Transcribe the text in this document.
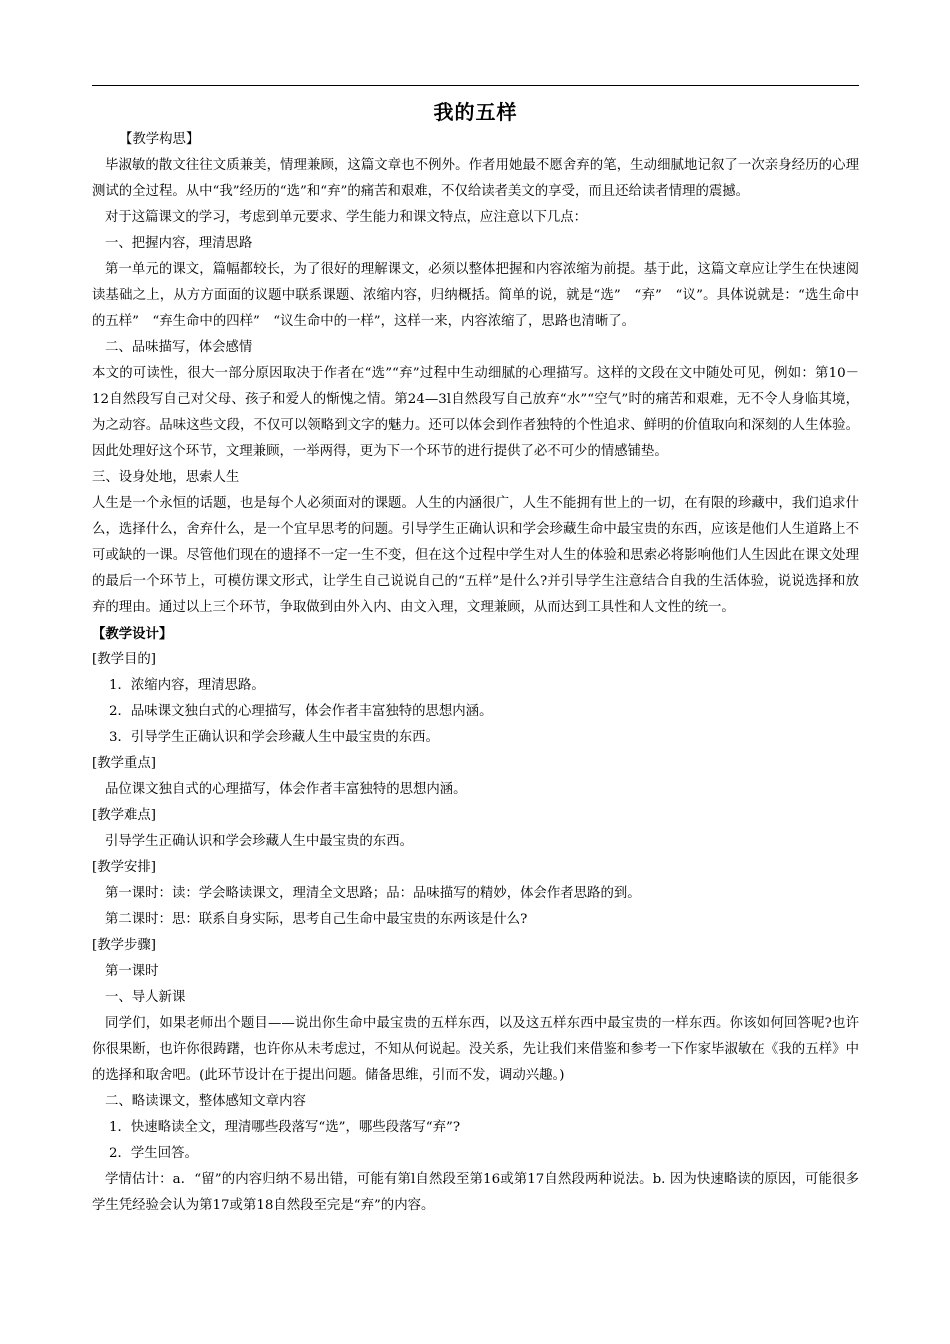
我的五样

【教学构思】

毕淑敏的散文往往文质兼美，情理兼顾，这篇文章也不例外。作者用她最不愿舍弃的笔，生动细腻地记叙了一次亲身经历的心理测试的全过程。从中“我”经历的“选”和“弃”的痛苦和艰难，不仅给读者美文的享受，而且还给读者情理的震撼。

对于这篇课文的学习，考虑到单元要求、学生能力和课文特点，应注意以下几点：

一、把握内容，理清思路

第一单元的课文，篇幅都较长，为了很好的理解课文，必须以整体把握和内容浓缩为前提。基于此，这篇文章应让学生在快速阅读基础之上，从方方面面的议题中联系课题、浓缩内容，归纳概括。简单的说，就是“选”　“弃”　“议”。具体说就是：“选生命中的五样”　“弃生命中的四样”　“议生命中的一样”，这样一来，内容浓缩了，思路也清晰了。

二、品味描写，体会感情

本文的可读性，很大一部分原因取决于作者在“选”“弃”过程中生动细腻的心理描写。这样的文段在文中随处可见，例如：第10－12自然段写自己对父母、孩子和爱人的惭愧之情。第24—3l自然段写自己放弃“水”“空气”时的痛苦和艰难，无不令人身临其境，为之动容。品味这些文段，不仅可以领略到文字的魅力。还可以体会到作者独特的个性追求、鲜明的价值取向和深刻的人生体验。因此处理好这个环节，文理兼顾，一举两得，更为下一个环节的进行提供了必不可少的情感铺垫。

三、设身处地，思索人生

人生是一个永恒的话题，也是每个人必须面对的课题。人生的内涵很广，人生不能拥有世上的一切，在有限的珍藏中，我们追求什么，选择什么，舍弃什么，是一个宜早思考的问题。引导学生正确认识和学会珍藏生命中最宝贵的东西，应该是他们人生道路上不可或缺的一课。尽管他们现在的遗择不一定一生不变，但在这个过程中学生对人生的体验和思索必将影响他们人生因此在课文处理的最后一个环节上，可模仿课文形式，让学生自己说说自己的“五样”是什么?并引导学生注意结合自我的生活体验，说说选择和放弃的理由。通过以上三个环节，争取做到由外入内、由文入理，文理兼顾，从而达到工具性和人文性的统一。

【教学设计】

[教学目的]

1．浓缩内容，理清思路。

2．品味课文独白式的心理描写，体会作者丰富独特的思想内涵。

3．引导学生正确认识和学会珍藏人生中最宝贵的东西。

[教学重点]

品位课文独自式的心理描写，体会作者丰富独特的思想内涵。

[教学难点]

引导学生正确认识和学会珍藏人生中最宝贵的东西。

[教学安排]

第一课时：读：学会略读课文，理清全文思路；品：品味描写的精妙，体会作者思路的到。

第二课时：思：联系自身实际，思考自己生命中最宝贵的东两该是什么?

[教学步骤]

第一课时

一、导人新课

同学们，如果老师出个题目——说出你生命中最宝贵的五样东西，以及这五样东西中最宝贵的一样东西。你该如何回答呢?也许你很果断，也许你很踌躇，也许你从未考虑过，不知从何说起。没关系，先让我们来借鉴和参考一下作家毕淑敏在《我的五样》中的选择和取舍吧。(此环节设计在于提出问题。储备思维，引而不发，调动兴趣。)

二、略读课文，整体感知文章内容

1．快速略读全文，理清哪些段落写“选”，哪些段落写“弃”?

2．学生回答。

学情估计：a．“留”的内容归纳不易出错，可能有第l自然段至第16或第17自然段两种说法。b. 因为快速略读的原因，可能很多学生凭经验会认为第17或第18自然段至完是“弃”的内容。
